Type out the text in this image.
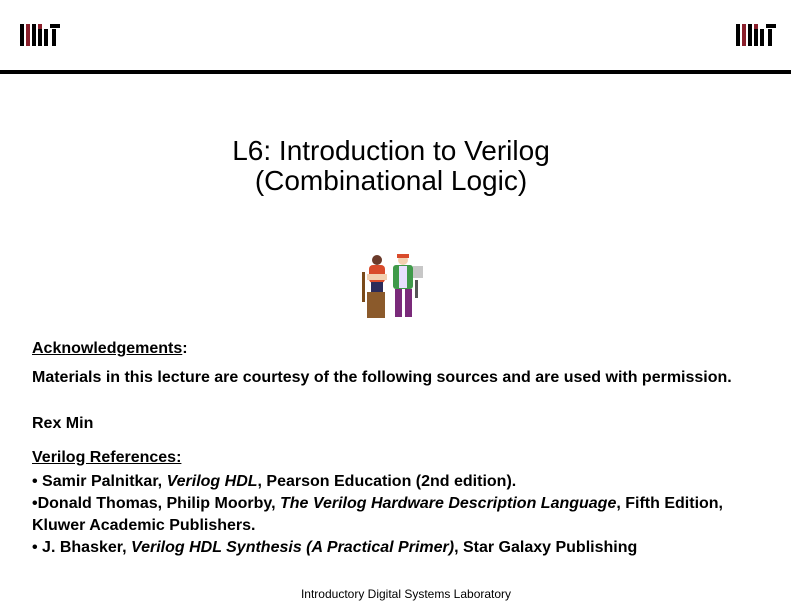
L6: Introduction to Verilog
(Combinational Logic)
Acknowledgements:
Materials in this lecture are courtesy of the following sources and are used with permission.
Rex Min
Verilog References:
• Samir Palnitkar, Verilog HDL, Pearson Education (2nd edition).
•Donald Thomas, Philip Moorby, The Verilog Hardware Description Language, Fifth Edition, Kluwer Academic Publishers.
• J. Bhasker, Verilog HDL Synthesis (A Practical Primer), Star Galaxy Publishing
Introductory Digital Systems Laboratory
